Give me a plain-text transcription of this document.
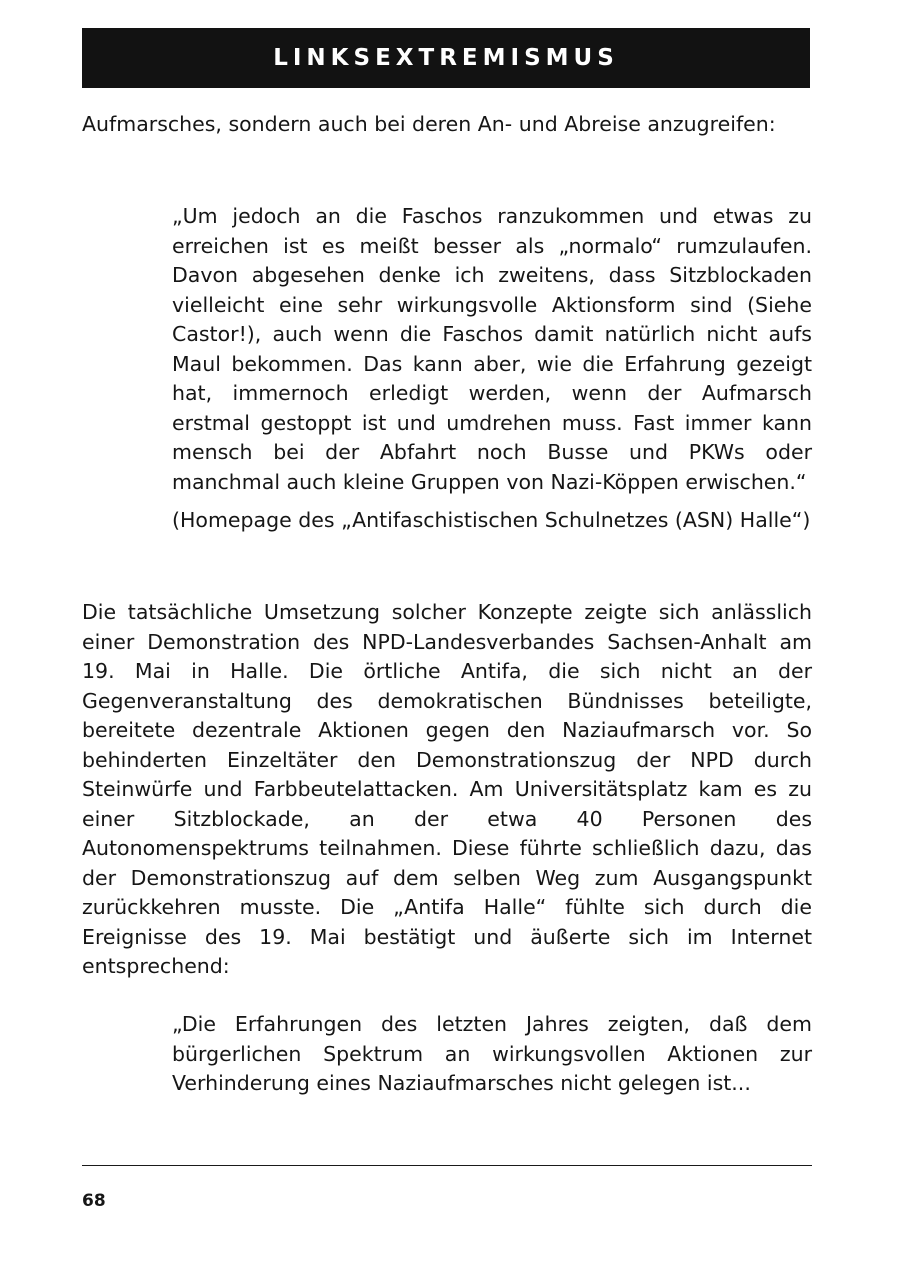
LINKSEXTREMISMUS

Aufmarsches, sondern auch bei deren An- und Abreise anzugreifen:

„Um jedoch an die Faschos ranzukommen und etwas zu erreichen ist es meißt besser als „normalo“ rumzulaufen. Davon abgesehen denke ich zweitens, dass Sitzblockaden vielleicht eine sehr wirkungsvolle Aktionsform sind (Siehe Castor!), auch wenn die Faschos damit natürlich nicht aufs Maul bekommen. Das kann aber, wie die Erfahrung gezeigt hat, immernoch erledigt werden, wenn der Aufmarsch erstmal gestoppt ist und umdrehen muss. Fast immer kann mensch bei der Abfahrt noch Busse und PKWs oder manchmal auch kleine Gruppen von Nazi-Köppen erwischen.“

(Homepage des „Antifaschistischen Schulnetzes (ASN) Halle“)

Die tatsächliche Umsetzung solcher Konzepte zeigte sich anlässlich einer Demonstration des NPD-Landesverbandes Sachsen-Anhalt am 19. Mai in Halle. Die örtliche Antifa, die sich nicht an der Gegenveranstaltung des demokratischen Bündnisses beteiligte, bereitete dezentrale Aktionen gegen den Naziaufmarsch vor. So behinderten Einzeltäter den Demonstrationszug der NPD durch Steinwürfe und Farbbeutelattacken. Am Universitätsplatz kam es zu einer Sitzblockade, an der etwa 40 Personen des Autonomenspektrums teilnahmen. Diese führte schließlich dazu, das der Demonstrationszug auf dem selben Weg zum Ausgangspunkt zurückkehren musste. Die „Antifa Halle“ fühlte sich durch die Ereignisse des 19. Mai bestätigt und äußerte sich im Internet entsprechend:

„Die Erfahrungen des letzten Jahres zeigten, daß dem bürgerlichen Spektrum an wirkungsvollen Aktionen zur Verhinderung eines Naziaufmarsches nicht gelegen ist...

68
